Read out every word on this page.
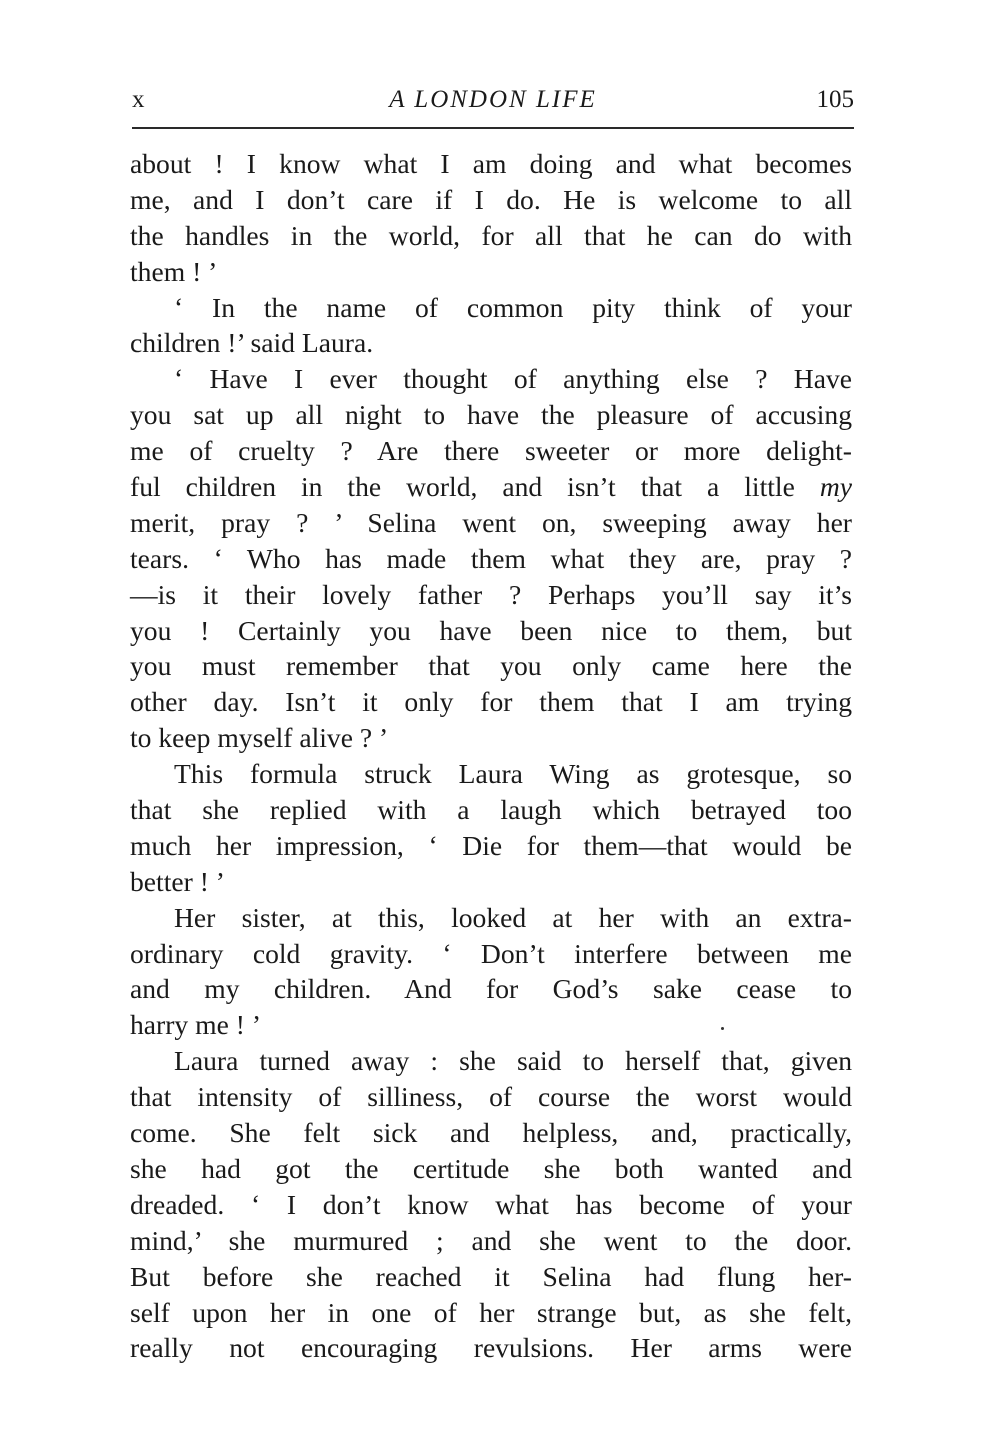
x	A LONDON LIFE	105
about ! I know what I am doing and what becomes
me, and I don’t care if I do. He is welcome to all
the handles in the world, for all that he can do with
them ! ’
‘ In the name of common pity think of your
children !’ said Laura.
‘ Have I ever thought of anything else ? Have
you sat up all night to have the pleasure of accusing
me of cruelty ? Are there sweeter or more delight-
ful children in the world, and isn’t that a little my
merit, pray ? ’ Selina went on, sweeping away her
tears. ‘ Who has made them what they are, pray ?
—is it their lovely father ? Perhaps you’ll say it’s
you ! Certainly you have been nice to them, but
you must remember that you only came here the
other day. Isn’t it only for them that I am trying
to keep myself alive ? ’
This formula struck Laura Wing as grotesque, so
that she replied with a laugh which betrayed too
much her impression, ‘ Die for them—that would be
better ! ’
Her sister, at this, looked at her with an extra-
ordinary cold gravity. ‘ Don’t interfere between me
and my children. And for God’s sake cease to
harry me ! ’
Laura turned away : she said to herself that, given
that intensity of silliness, of course the worst would
come. She felt sick and helpless, and, practically,
she had got the certitude she both wanted and
dreaded. ‘ I don’t know what has become of your
mind,’ she murmured ; and she went to the door.
But before she reached it Selina had flung her-
self upon her in one of her strange but, as she felt,
really not encouraging revulsions. Her arms were
